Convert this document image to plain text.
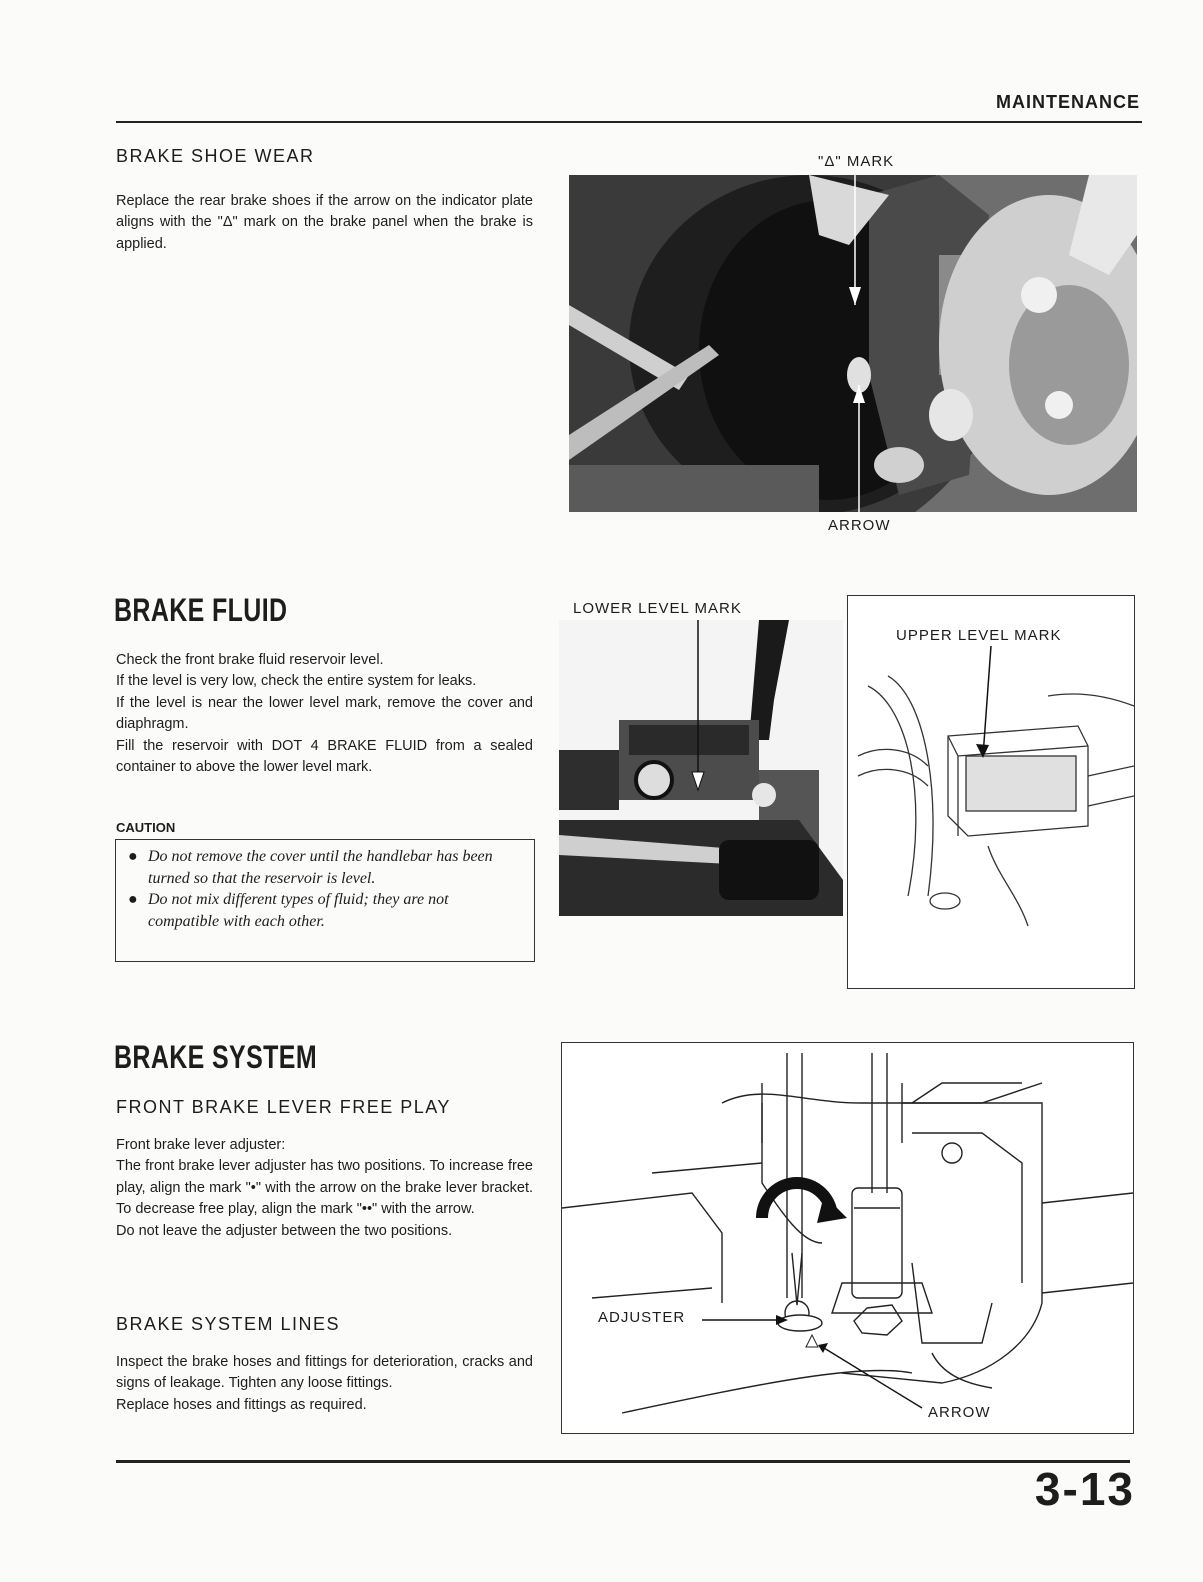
MAINTENANCE
BRAKE SHOE WEAR

Replace the rear brake shoes if the arrow on the indicator plate aligns with the "Δ" mark on the brake panel when the brake is applied.

"Δ" MARK
ARROW
BRAKE FLUID

Check the front brake fluid reservoir level.

If the level is very low, check the entire system for leaks.

If the level is near the lower level mark, remove the cover and diaphragm.

Fill the reservoir with DOT 4 BRAKE FLUID from a sealed container to above the lower level mark.

CAUTION
● Do not remove the cover until the handlebar has been turned so that the reservoir is level.
● Do not mix different types of fluid; they are not compatible with each other.
LOWER LEVEL MARK
UPPER LEVEL MARK
BRAKE SYSTEM
FRONT BRAKE LEVER FREE PLAY

Front brake lever adjuster:

The front brake lever adjuster has two positions. To increase free play, align the mark "•" with the arrow on the brake lever bracket. To decrease free play, align the mark "••" with the arrow.

Do not leave the adjuster between the two positions.

BRAKE SYSTEM LINES

Inspect the brake hoses and fittings for deterioration, cracks and signs of leakage. Tighten any loose fittings.

Replace hoses and fittings as required.

ADJUSTER
ARROW
3-13
